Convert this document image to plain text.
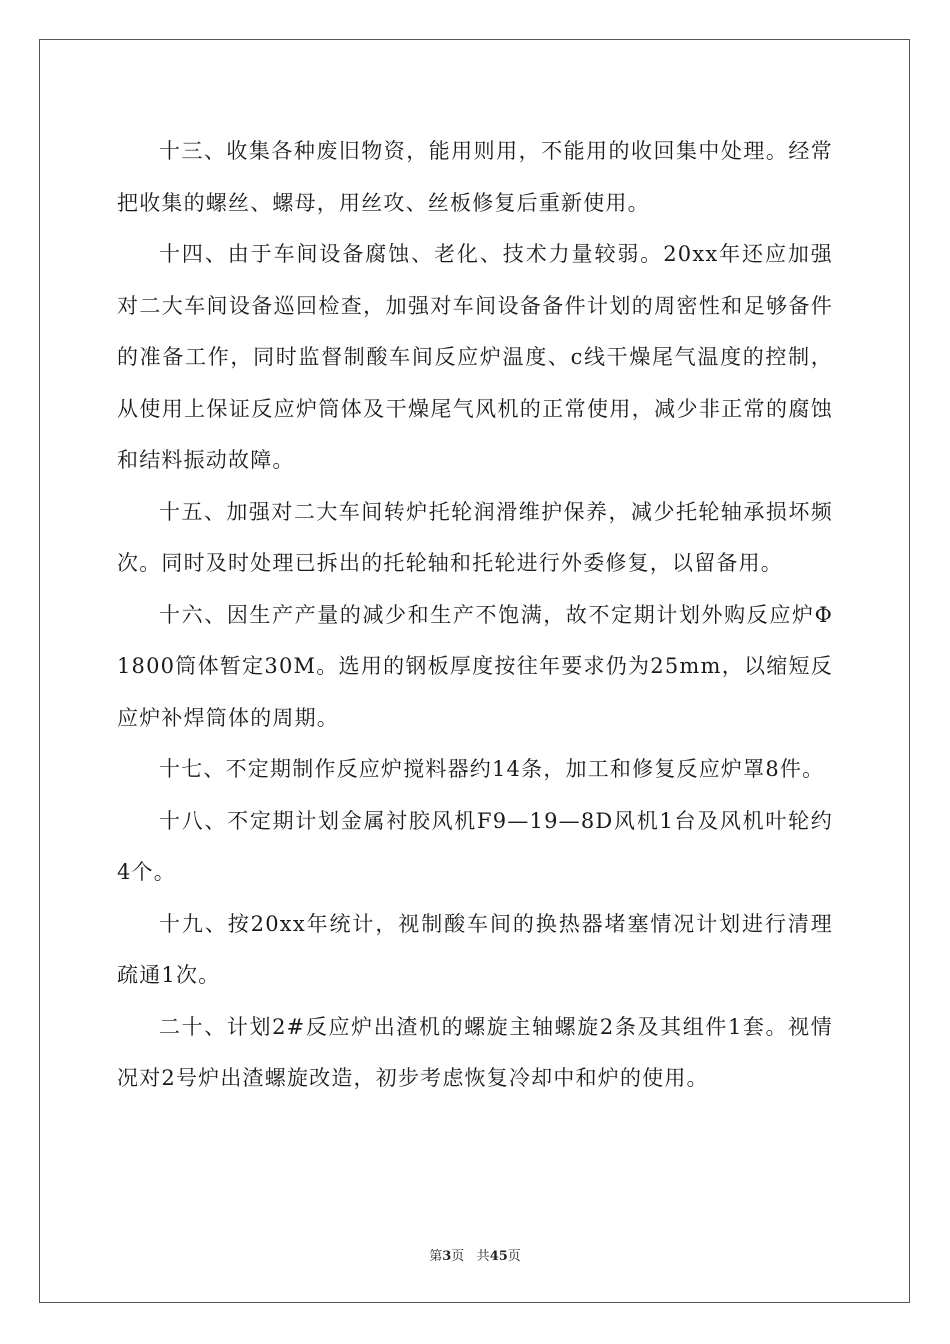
十三、收集各种废旧物资，能用则用，不能用的收回集中处理。经常把收集的螺丝、螺母，用丝攻、丝板修复后重新使用。

十四、由于车间设备腐蚀、老化、技术力量较弱。20xx年还应加强对二大车间设备巡回检查，加强对车间设备备件计划的周密性和足够备件的准备工作，同时监督制酸车间反应炉温度、c线干燥尾气温度的控制，从使用上保证反应炉筒体及干燥尾气风机的正常使用，减少非正常的腐蚀和结料振动故障。

十五、加强对二大车间转炉托轮润滑维护保养，减少托轮轴承损坏频次。同时及时处理已拆出的托轮轴和托轮进行外委修复，以留备用。

十六、因生产产量的减少和生产不饱满，故不定期计划外购反应炉Φ1800筒体暂定30M。选用的钢板厚度按往年要求仍为25mm，以缩短反应炉补焊筒体的周期。

十七、不定期制作反应炉搅料器约14条，加工和修复反应炉罩8件。

十八、不定期计划金属衬胶风机F9—19—8D风机1台及风机叶轮约4个。

十九、按20xx年统计，视制酸车间的换热器堵塞情况计划进行清理疏通1次。

二十、计划2#反应炉出渣机的螺旋主轴螺旋2条及其组件1套。视情况对2号炉出渣螺旋改造，初步考虑恢复冷却中和炉的使用。

第3页 共45页
